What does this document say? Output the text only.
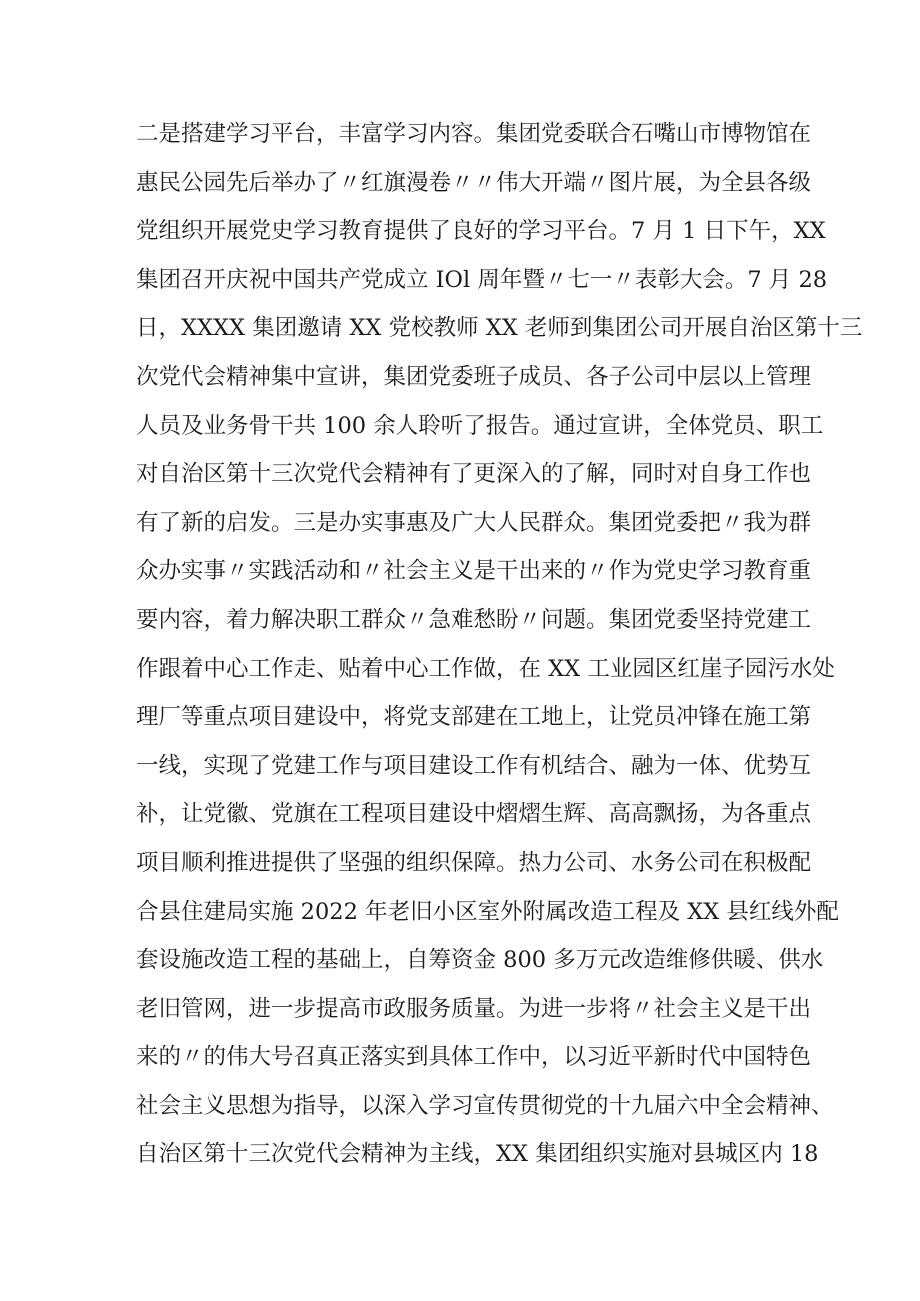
二是搭建学习平台，丰富学习内容。集团党委联合石嘴山市博物馆在
惠民公园先后举办了〃红旗漫卷〃〃伟大开端〃图片展，为全县各级
党组织开展党史学习教育提供了良好的学习平台。7 月 1 日下午，XX
集团召开庆祝中国共产党成立 IOl 周年暨〃七一〃表彰大会。7 月 28
日，XXXX 集团邀请 XX 党校教师 XX 老师到集团公司开展自治区第十三
次党代会精神集中宣讲，集团党委班子成员、各子公司中层以上管理
人员及业务骨干共 100 余人聆听了报告。通过宣讲，全体党员、职工
对自治区第十三次党代会精神有了更深入的了解，同时对自身工作也
有了新的启发。三是办实事惠及广大人民群众。集团党委把〃我为群
众办实事〃实践活动和〃社会主义是干出来的〃作为党史学习教育重
要内容，着力解决职工群众〃急难愁盼〃问题。集团党委坚持党建工
作跟着中心工作走、贴着中心工作做，在 XX 工业园区红崖子园污水处
理厂等重点项目建设中，将党支部建在工地上，让党员冲锋在施工第
一线，实现了党建工作与项目建设工作有机结合、融为一体、优势互
补，让党徽、党旗在工程项目建设中熠熠生辉、高高飘扬，为各重点
项目顺利推进提供了坚强的组织保障。热力公司、水务公司在积极配
合县住建局实施 2022 年老旧小区室外附属改造工程及 XX 县红线外配
套设施改造工程的基础上，自筹资金 800 多万元改造维修供暖、供水
老旧管网，进一步提高市政服务质量。为进一步将〃社会主义是干出
来的〃的伟大号召真正落实到具体工作中，以习近平新时代中国特色
社会主义思想为指导，以深入学习宣传贯彻党的十九届六中全会精神、
自治区第十三次党代会精神为主线，XX 集团组织实施对县城区内 18
